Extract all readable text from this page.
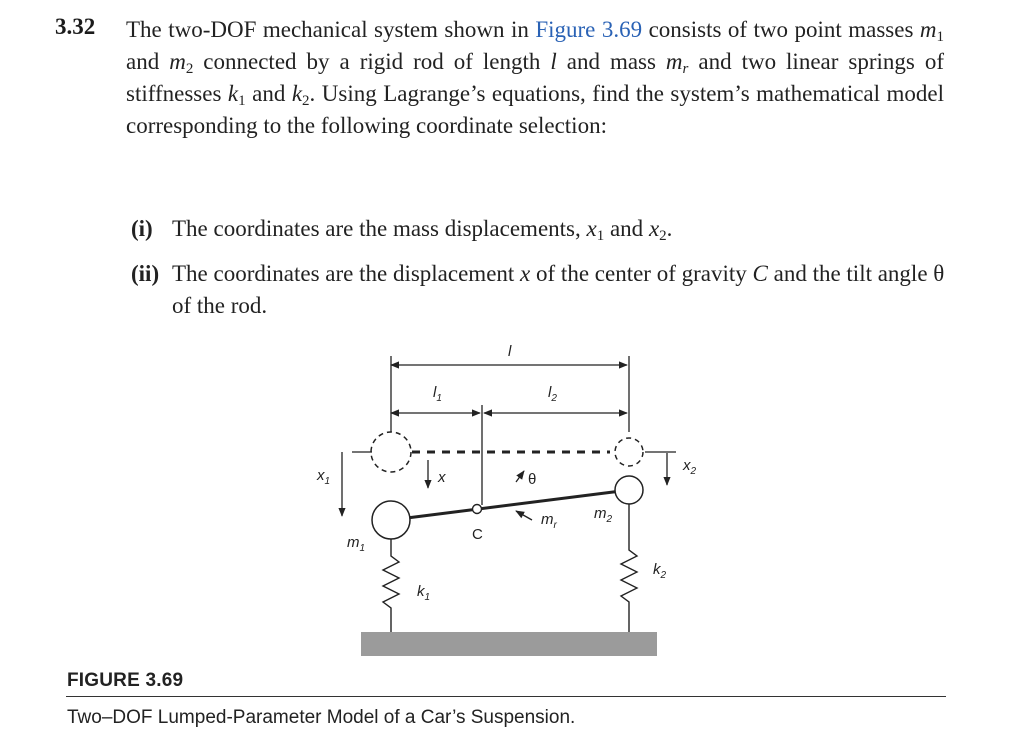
3.32 The two-DOF mechanical system shown in Figure 3.69 consists of two point masses $m_1$ and $m_2$ connected by a rigid rod of length l and mass $m_r$ and two linear springs of stiffnesses $k_1$ and $k_2$. Using Lagrange’s equations, find the system’s mathematical model corresponding to the following coordinate selection:
(i) The coordinates are the mass displacements, $x_1$ and $x_2$.
(ii) The coordinates are the displacement x of the center of gravity C and the tilt angle θ of the rod.
l
$l_1$	$l_2$
$x_1$	x	θ
$x_2$
$m_1$
C
$m_r$
$m_2$
$k_1$
$k_2$
FIGURE 3.69
Two–DOF Lumped-Parameter Model of a Car’s Suspension.
